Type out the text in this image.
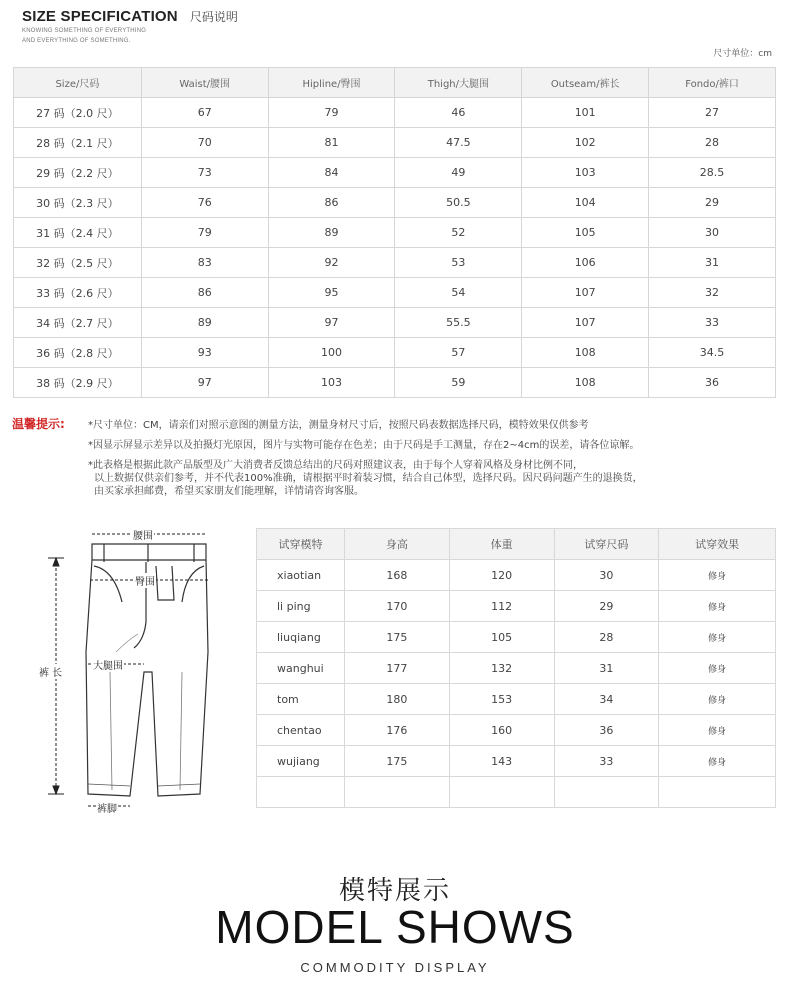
SIZE SPECIFICATION 尺码说明
KNOWING SOMETHING OF EVERYTHING
AND EVERYTHING OF SOMETHING.
尺寸单位：cm
Size/尺码	Waist/腰围	Hipline/臀围	Thigh/大腿围	Outseam/裤长	Fondo/裤口
27 码（2.0 尺）	67	79	46	101	27
28 码（2.1 尺）	70	81	47.5	102	28
29 码（2.2 尺）	73	84	49	103	28.5
30 码（2.3 尺）	76	86	50.5	104	29
31 码（2.4 尺）	79	89	52	105	30
32 码（2.5 尺）	83	92	53	106	31
33 码（2.6 尺）	86	95	54	107	32
34 码（2.7 尺）	89	97	55.5	107	33
36 码（2.8 尺）	93	100	57	108	34.5
38 码（2.9 尺）	97	103	59	108	36
温馨提示: *尺寸单位：CM，请亲们对照示意图的测量方法，测量身材尺寸后，按照尺码表数据选择尺码，模特效果仅供参考
*因显示屏显示差异以及拍摄灯光原因，图片与实物可能存在色差；由于尺码是手工测量，存在2~4cm的误差，请各位谅解。
*此表格是根据此款产品版型及广大消费者反馈总结出的尺码对照建议表，由于每个人穿着风格及身材比例不同，
以上数据仅供亲们参考，并不代表100%准确，请根据平时着装习惯，结合自己体型，选择尺码。因尺码问题产生的退换货，
由买家承担邮费，希望买家朋友们能理解，详情请咨询客服。
腰围
臀围
裤 长
大腿围
裤脚
试穿模特	身高	体重	试穿尺码	试穿效果
xiaotian	168	120	30	修身
li ping	170	112	29	修身
liuqiang	175	105	28	修身
wanghui	177	132	31	修身
tom	180	153	34	修身
chentao	176	160	36	修身
wujiang	175	143	33	修身

模特展示
MODEL SHOWS
COMMODITY DISPLAY
